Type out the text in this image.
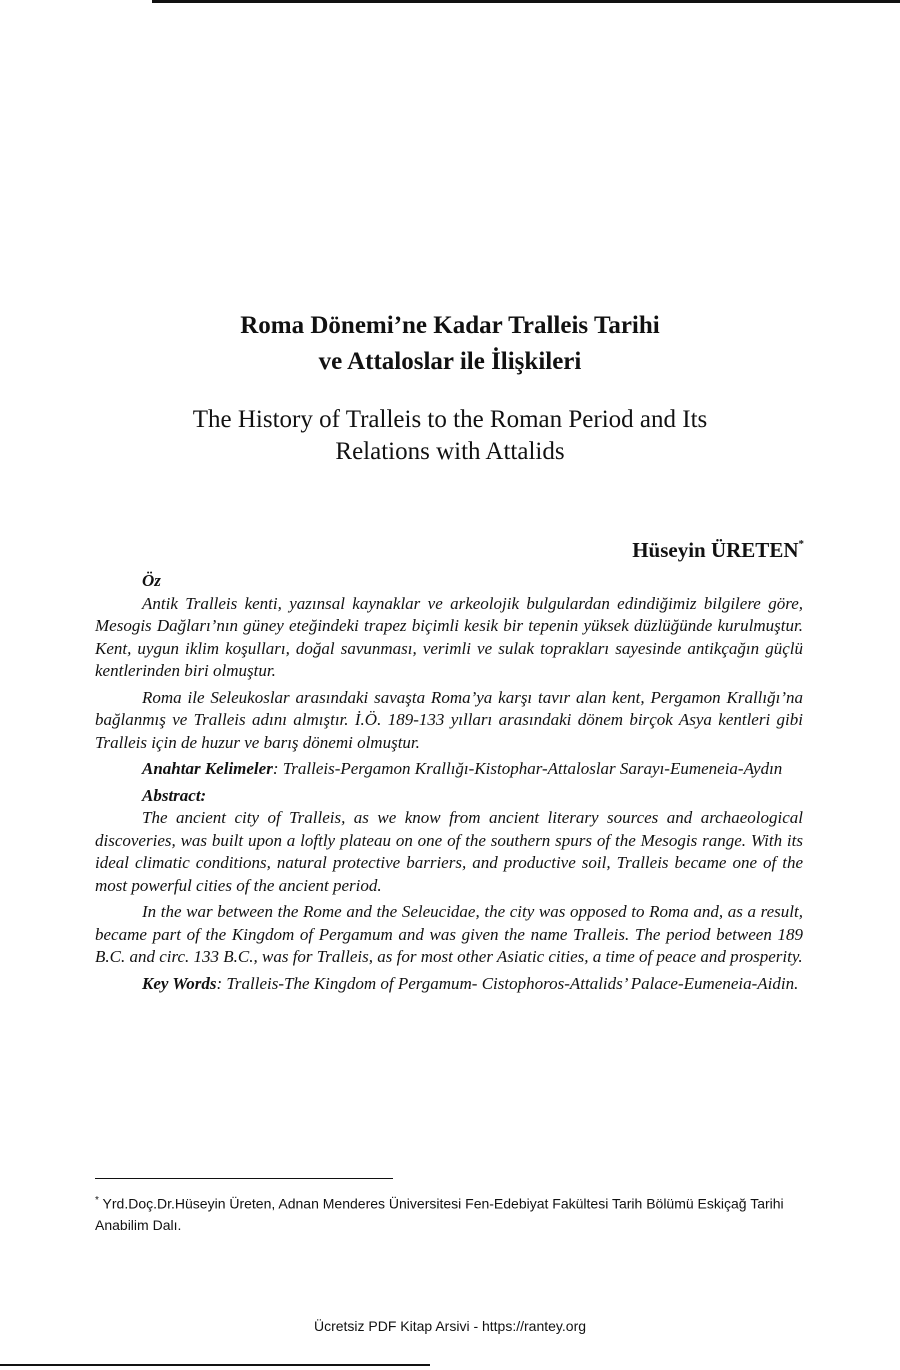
Roma Dönemi’ne Kadar Tralleis Tarihi
ve Attaloslar ile İlişkileri
The History of Tralleis to the Roman Period and Its
Relations with Attalids
Hüseyin ÜRETEN*
Öz

Antik Tralleis kenti, yazınsal kaynaklar ve arkeolojik bulgulardan edindiğimiz bilgilere göre, Mesogis Dağları’nın güney eteğindeki trapez biçimli kesik bir tepenin yüksek düzlüğünde kurulmuştur. Kent, uygun iklim koşulları, doğal savunması, verimli ve sulak toprakları sayesinde antikçağın güçlü kentlerinden biri olmuştur.

Roma ile Seleukoslar arasındaki savaşta Roma’ya karşı tavır alan kent, Pergamon Krallığı’na bağlanmış ve Tralleis adını almıştır. İ.Ö. 189-133 yılları arasındaki dönem birçok Asya kentleri gibi Tralleis için de huzur ve barış dönemi olmuştur.

Anahtar Kelimeler: Tralleis-Pergamon Krallığı-Kistophar-Attaloslar Sarayı-Eumeneia-Aydın

Abstract:

The ancient city of Tralleis, as we know from ancient literary sources and archaeological discoveries, was built upon a loftly plateau on one of the southern spurs of the Mesogis range. With its ideal climatic conditions, natural protective barriers, and productive soil, Tralleis became one of the most powerful cities of the ancient period.

In the war between the Rome and the Seleucidae, the city was opposed to Roma and, as a result, became part of the Kingdom of Pergamum and was given the name Tralleis. The period between 189 B.C. and circ. 133 B.C., was for Tralleis, as for most other Asiatic cities, a time of peace and prosperity.

Key Words: Tralleis-The Kingdom of Pergamum- Cistophoros-Attalids’ Palace-Eumeneia-Aidin.

* Yrd.Doç.Dr.Hüseyin Üreten, Adnan Menderes Üniversitesi Fen-Edebiyat Fakültesi Tarih Bölümü Eskiçağ Tarihi Anabilim Dalı.
Ücretsiz PDF Kitap Arsivi - https://rantey.org
